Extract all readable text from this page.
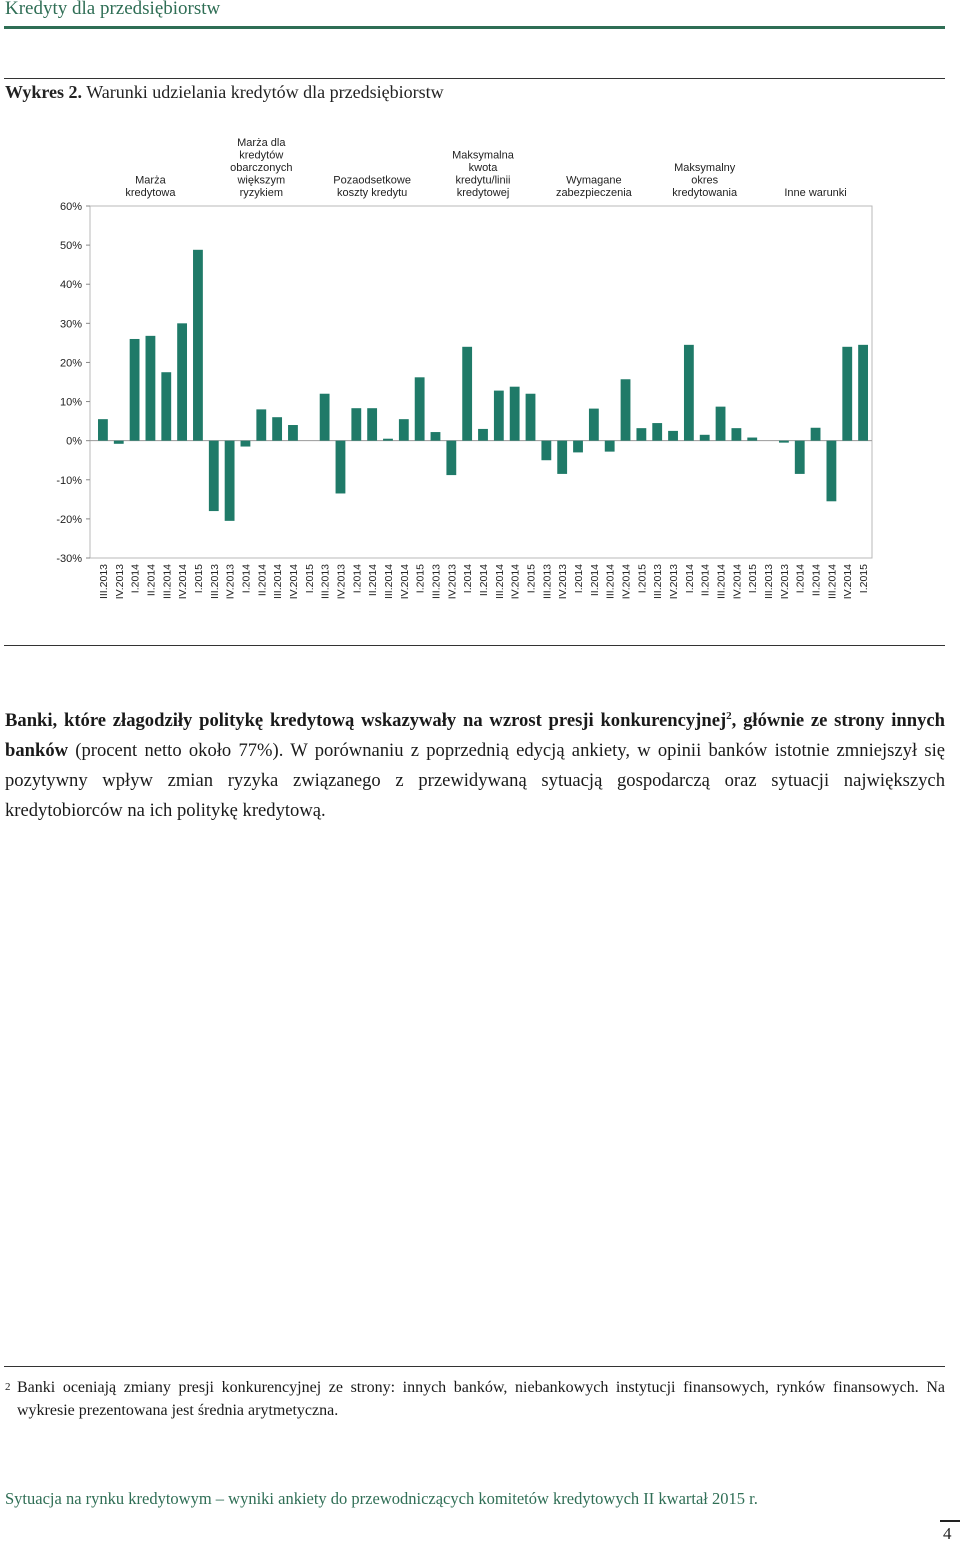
Kredyty dla przedsiębiorstw
Wykres 2. Warunki udzielania kredytów dla przedsiębiorstw
-30%
-20%
-10%
0%
10%
20%
30%
40%
50%
60%
Marża
kredytowa
Marża dla
kredytów
obarczonych
większym
ryzykiem
Pozaodsetkowe
koszty kredytu
Maksymalna
kwota
kredytu/linii
kredytowej
Wymagane
zabezpieczenia
Maksymalny
okres
kredytowania	Inne warunki
III.2013 IV.2013 I.2014 II.2014 III.2014 IV.2014 I.2015 III.2013 IV.2013 I.2014 II.2014 III.2014 IV.2014 I.2015 III.2013 IV.2013 I.2014 II.2014 III.2014 IV.2014 I.2015 III.2013 IV.2013 I.2014 II.2014 III.2014 IV.2014 I.2015 III.2013 IV.2013 I.2014 II.2014 III.2014 IV.2014 I.2015 III.2013 IV.2013 I.2014 II.2014 III.2014 IV.2014 I.2015 III.2013 IV.2013 I.2014 II.2014 III.2014 IV.2014 I.2015
Banki, które złagodziły politykę kredytową wskazywały na wzrost presji konkurencyjnej$^2$, głównie ze strony innych banków (procent netto około 77%). W porównaniu z poprzednią edycją ankiety, w opinii banków istotnie zmniejszył się pozytywny wpływ zmian ryzyka związanego z przewidywaną sytuacją gospodarczą oraz sytuacji największych kredytobiorców na ich politykę kredytową.
2 Banki oceniają zmiany presji konkurencyjnej ze strony: innych banków, niebankowych instytucji finansowych, rynków finansowych. Na wykresie prezentowana jest średnia arytmetyczna.
Sytuacja na rynku kredytowym – wyniki ankiety do przewodniczących komitetów kredytowych II kwartał 2015 r.
4
